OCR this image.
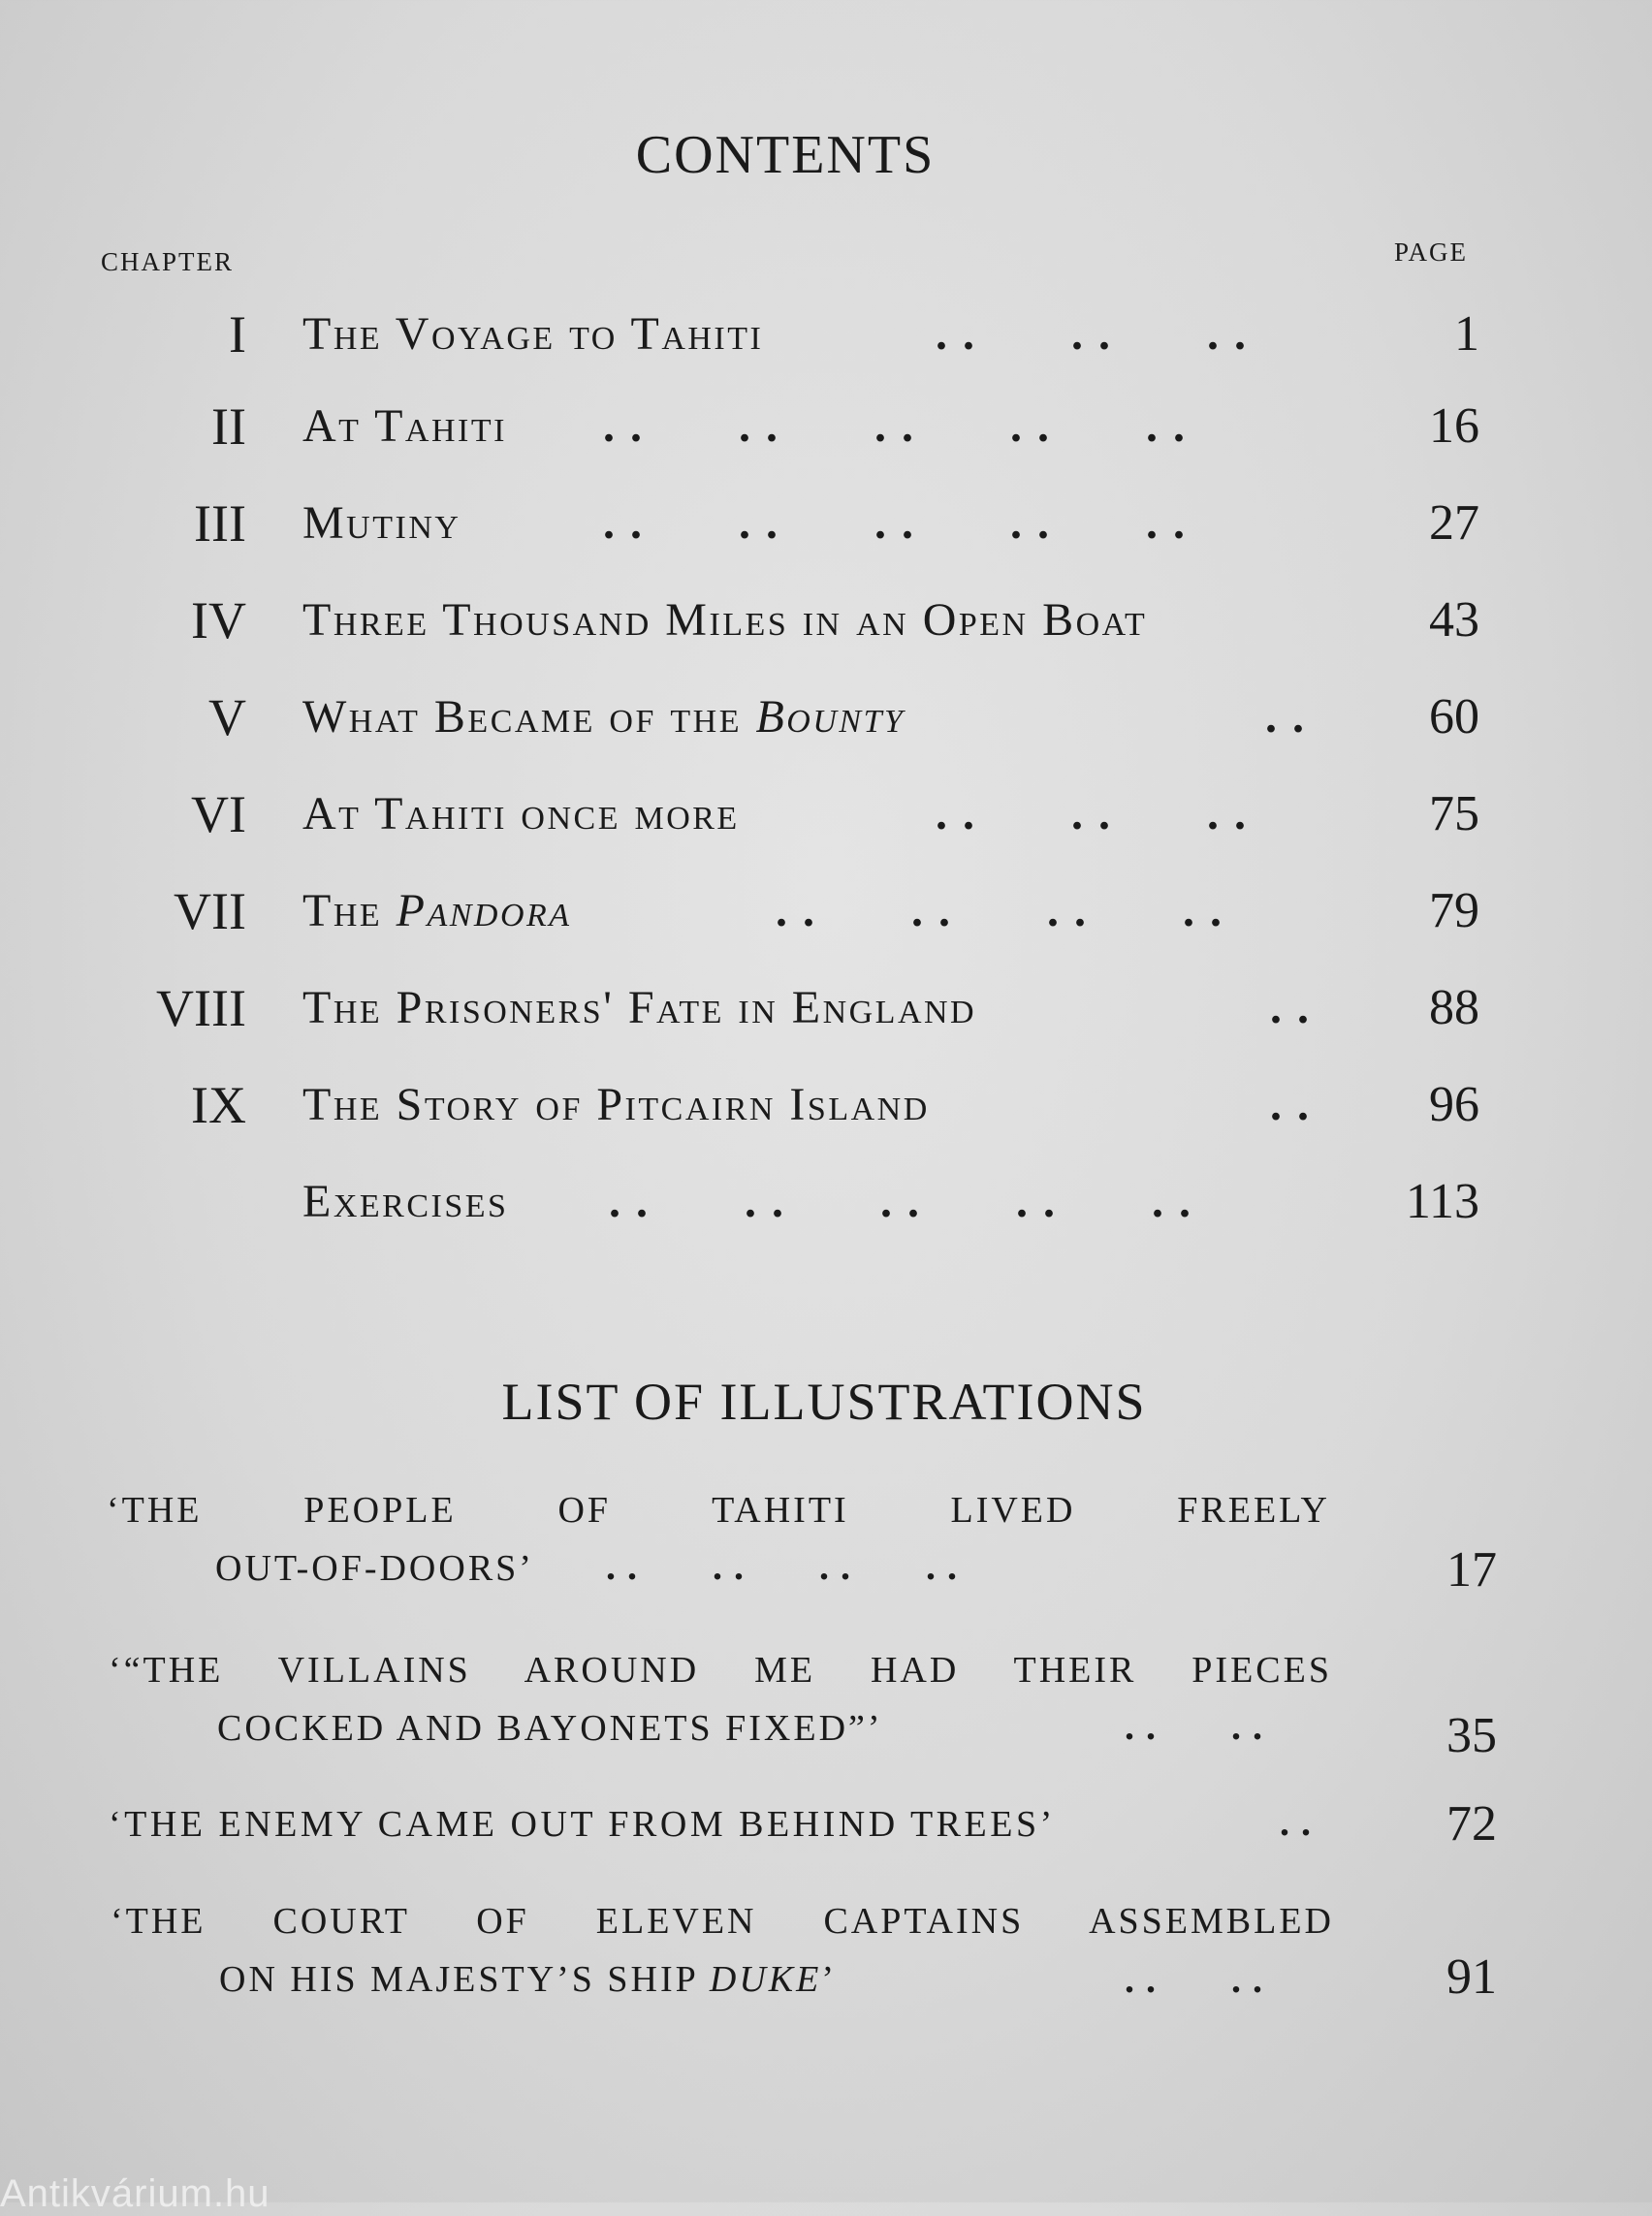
CONTENTS
CHAPTER	PAGE
I The Voyage to Tahiti	..   ..   ..	1
II At Tahiti ..   ..   ..   ..   ..	16
III Mutiny	..   ..   ..   ..   ..	27
IV Three Thousand Miles in an Open Boat	43
V What Became of the Bounty	.. 60
VI At Tahiti once more	..   ..   ..	75
VII The Pandora	..   ..   ..   ..	79
VIII The Prisoners' Fate in England	.. 88
IX The Story of Pitcairn Island	.. 96
Exercises ..   ..   ..   ..   ..	113
LIST OF ILLUSTRATIONS
‘THE PEOPLE OF TAHITI LIVED FREELY
OUT-OF-DOORS’ ..   ..   ..   ..	17
‘“THE VILLAINS AROUND ME HAD THEIR PIECES
COCKED AND BAYONETS FIXED”’	..   ..	35
‘THE ENEMY CAME OUT FROM BEHIND TREES’	.. 72
‘THE COURT OF ELEVEN CAPTAINS ASSEMBLED
ON HIS MAJESTY’S SHIP DUKE’	..   ..	91
Antikvárium.hu
